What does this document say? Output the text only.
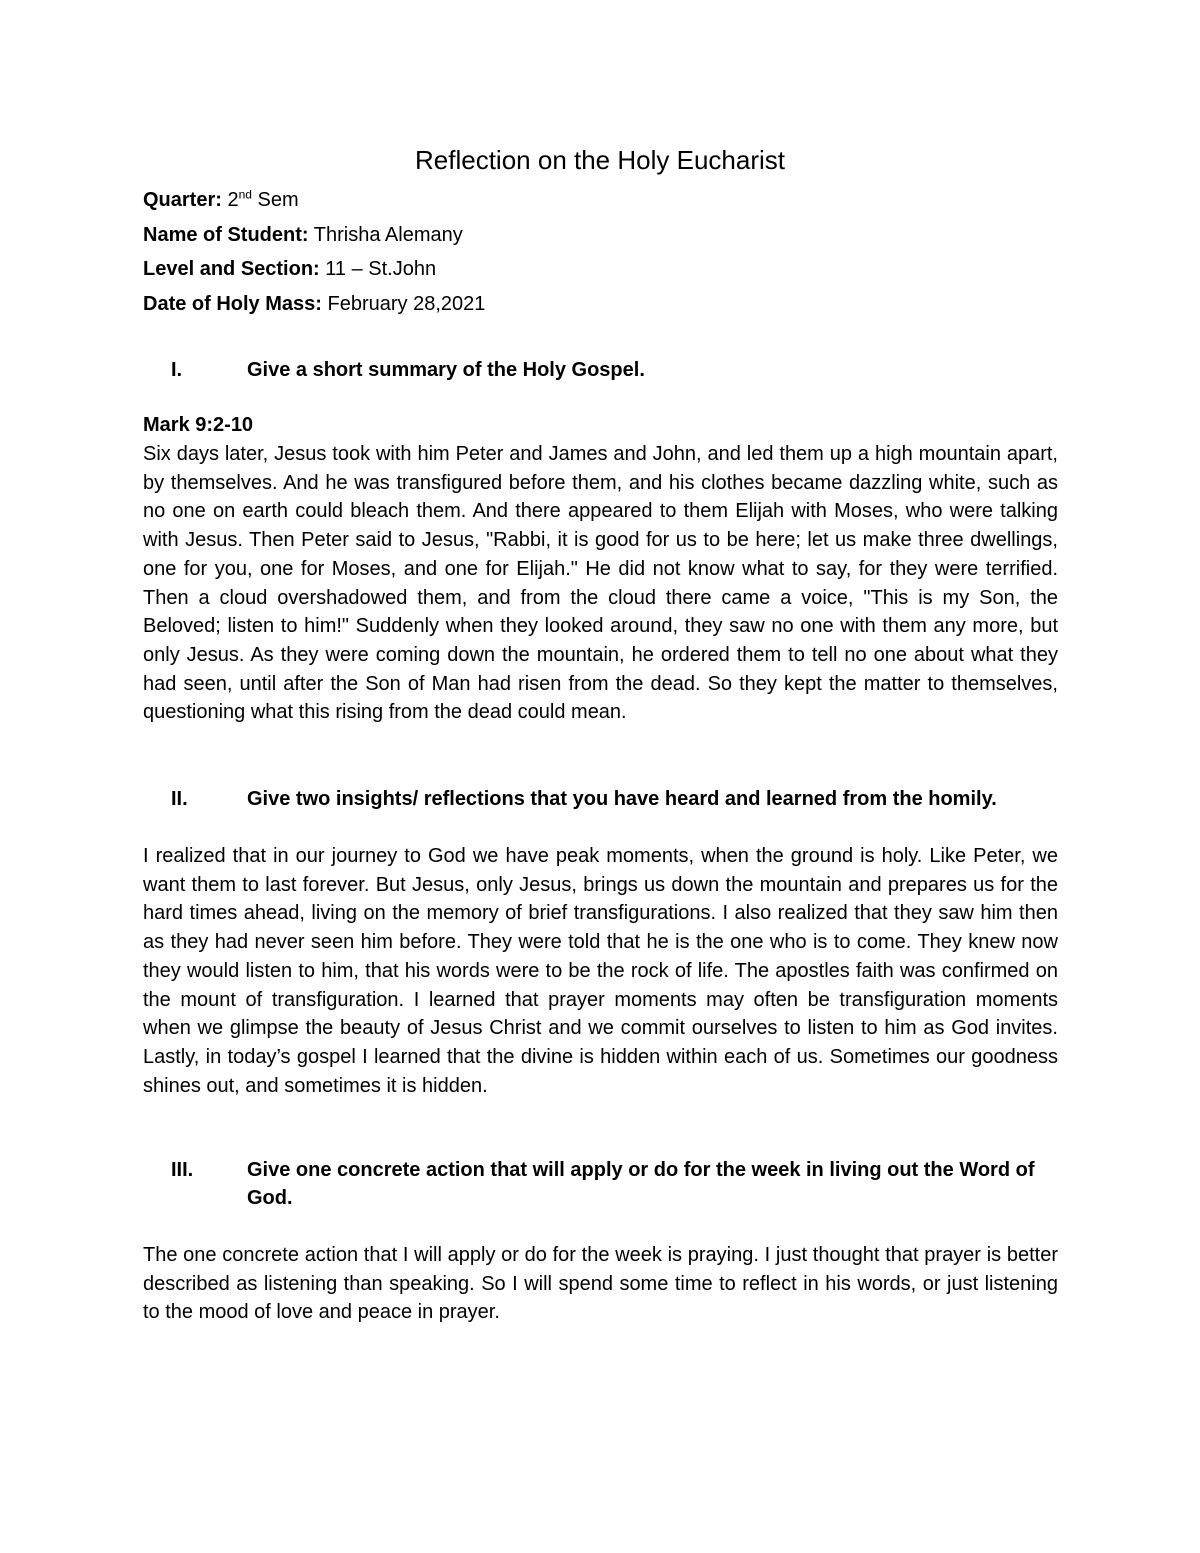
Reflection on the Holy Eucharist
Quarter: 2nd Sem
Name of Student: Thrisha Alemany
Level and Section: 11 – St.John
Date of Holy Mass: February 28,2021
I.	Give a short summary of the Holy Gospel.
Mark 9:2-10
Six days later, Jesus took with him Peter and James and John, and led them up a high mountain apart, by themselves. And he was transfigured before them, and his clothes became dazzling white, such as no one on earth could bleach them. And there appeared to them Elijah with Moses, who were talking with Jesus. Then Peter said to Jesus, "Rabbi, it is good for us to be here; let us make three dwellings, one for you, one for Moses, and one for Elijah." He did not know what to say, for they were terrified. Then a cloud overshadowed them, and from the cloud there came a voice, "This is my Son, the Beloved; listen to him!" Suddenly when they looked around, they saw no one with them any more, but only Jesus. As they were coming down the mountain, he ordered them to tell no one about what they had seen, until after the Son of Man had risen from the dead. So they kept the matter to themselves, questioning what this rising from the dead could mean.
II.	Give two insights/ reflections that you have heard and learned from the homily.
I realized that in our journey to God we have peak moments, when the ground is holy. Like Peter, we want them to last forever. But Jesus, only Jesus, brings us down the mountain and prepares us for the hard times ahead, living on the memory of brief transfigurations. I also realized that they saw him then as they had never seen him before. They were told that he is the one who is to come. They knew now they would listen to him, that his words were to be the rock of life. The apostles faith was confirmed on the mount of transfiguration. I learned that prayer moments may often be transfiguration moments when we glimpse the beauty of Jesus Christ and we commit ourselves to listen to him as God invites. Lastly, in today’s gospel I learned that the divine is hidden within each of us. Sometimes our goodness shines out, and sometimes it is hidden.
III.	Give one concrete action that will apply or do for the week in living out the Word of God.
The one concrete action that I will apply or do for the week is praying. I just thought that prayer is better described as listening than speaking. So I will spend some time to reflect in his words, or just listening to the mood of love and peace in prayer.
